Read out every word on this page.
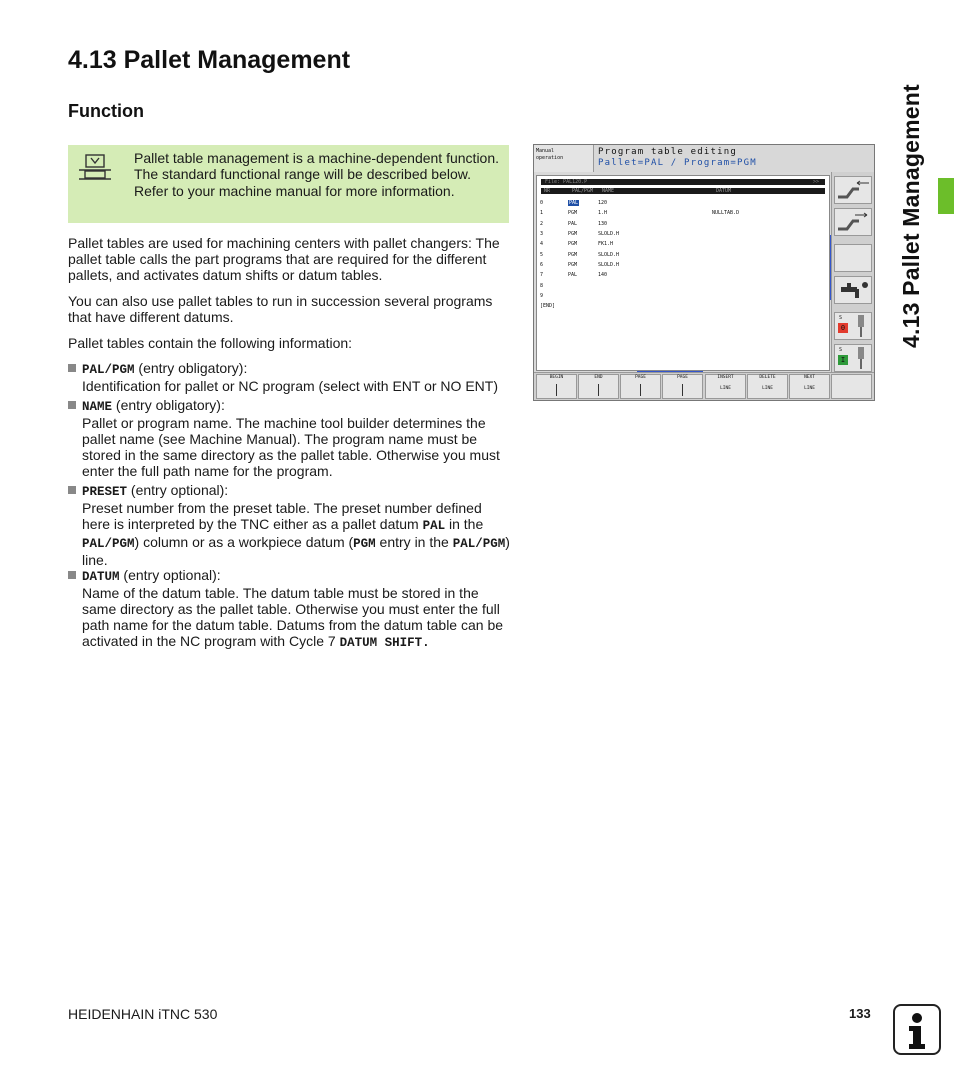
4.13 Pallet Management
Function
Pallet table management is a machine-dependent function. The standard functional range will be described below. Refer to your machine manual for more information.
Pallet tables are used for machining centers with pallet changers: The pallet table calls the part programs that are required for the different pallets, and activates datum shifts or datum tables.
You can also use pallet tables to run in succession several programs that have different datums.
Pallet tables contain the following information:
PAL/PGM (entry obligatory):
Identification for pallet or NC program (select with ENT or NO ENT)
NAME (entry obligatory):
Pallet or program name. The machine tool builder determines the pallet name (see Machine Manual). The program name must be stored in the same directory as the pallet table. Otherwise you must enter the full path name for the program.
PRESET (entry optional):
Preset number from the preset table. The preset number defined here is interpreted by the TNC either as a pallet datum PAL in the PAL/PGM) column or as a workpiece datum (PGM entry in the PAL/PGM) line.
DATUM (entry optional):
Name of the datum table. The datum table must be stored in the same directory as the pallet table. Otherwise you must enter the full path name for the datum table. Datums from the datum table can be activated in the NC program with Cycle 7 DATUM SHIFT.
Manual
operation
Program table editing
Pallet=PAL / Program=PGM
File: PAL120.P	>>
NR	PAL/PGM NAME	DATUM
0	PAL	120
1	PGM	1.H	NULLTAB.D
2	PAL	130
3	PGM	SLOLD.H
4	PGM	FK1.H
5	PGM	SLOLD.H
6	PGM	SLOLD.H
7	PAL	140
8
9
[END]
S
0
S
I
BEGIN	END	PAGE	PAGE	INSERT
LINE
DELETE
LINE
NEXT
LINE
4.13 Pallet Management
HEIDENHAIN iTNC 530	133
